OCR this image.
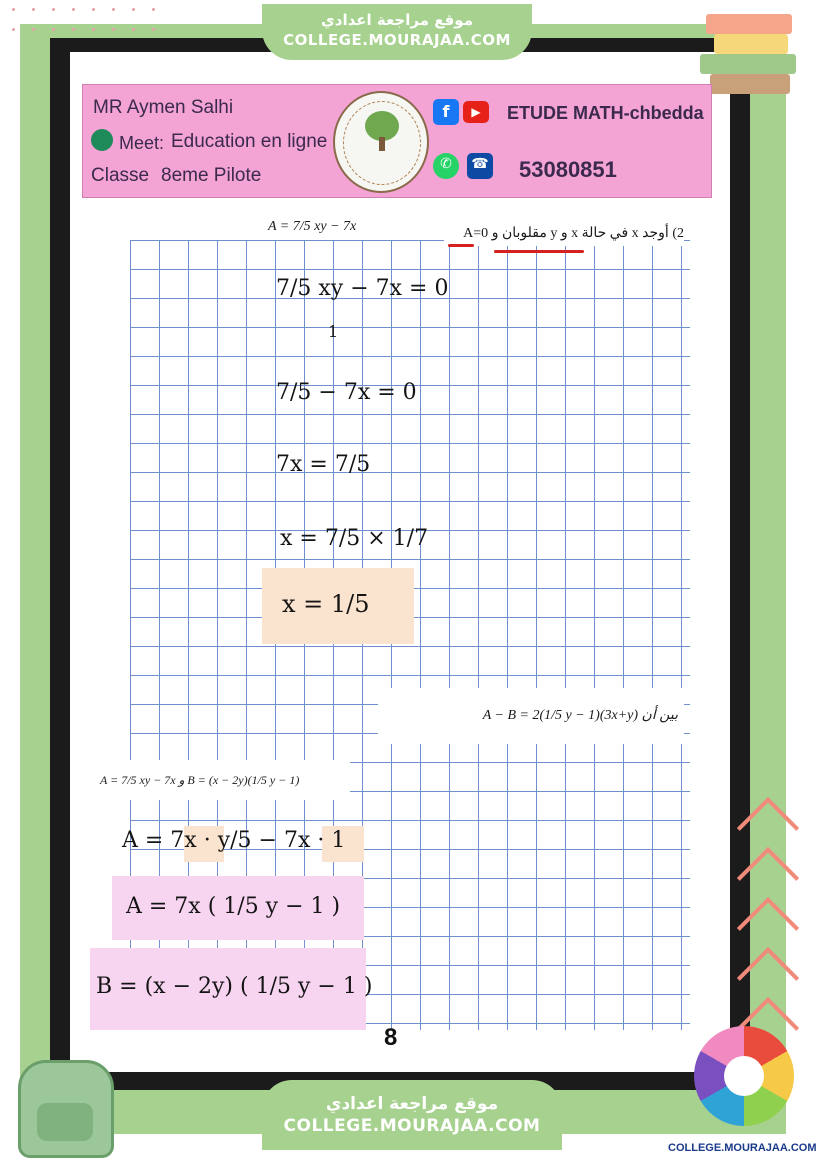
موقع مراجعة اعدادي
COLLEGE.MOURAJAA.COM
MR Aymen Salhi
Meet: Education en ligne
Classe 8eme Pilote
f	▶
✆	☎
ETUDE MATH-chbedda
53080851
A = 7/5 xy − 7x	2) أوجد x في حالة x و y مقلوبان و A=0
7/5 xy − 7x = 0
1
7/5 − 7x = 0
7x = 7/5
x = 7/5 × 1/7
x = 1/5
بين أن A − B = 2(1/5 y − 1)(3x+y)
A = 7/5 xy − 7x و B = (x − 2y)(1/5 y − 1)
A = 7x · y/5 − 7x · 1
A = 7x ( 1/5 y − 1 )
B = (x − 2y) ( 1/5 y − 1 )
8
موقع مراجعة اعدادي
COLLEGE.MOURAJAA.COM
COLLEGE.MOURAJAA.COM
